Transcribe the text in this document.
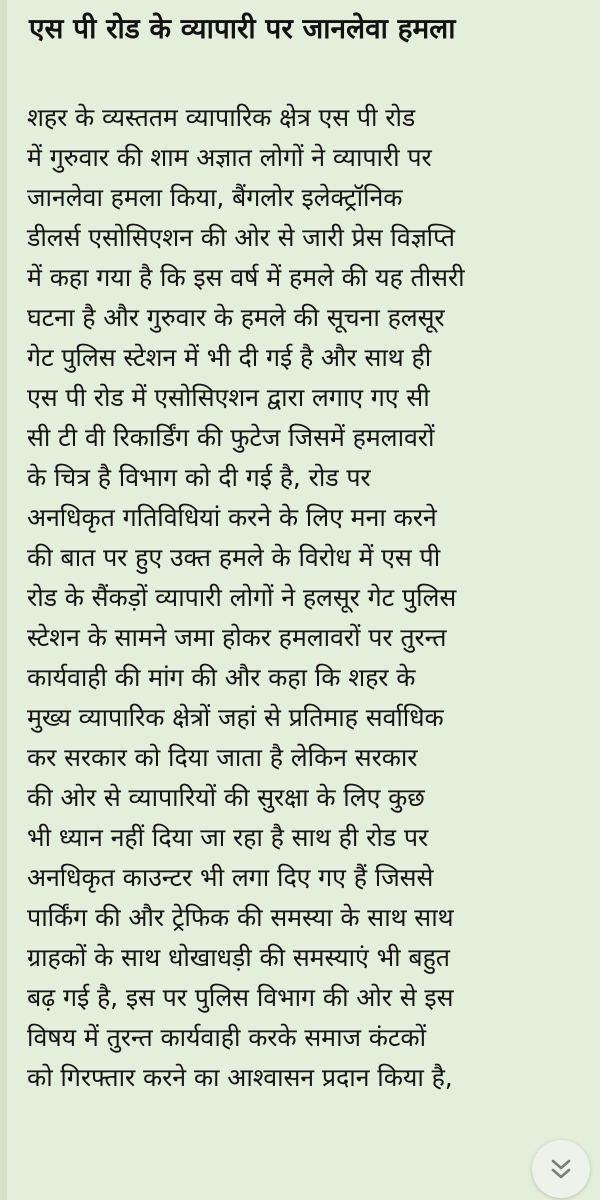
एस पी रोड के व्यापारी पर जानलेवा हमला

शहर के व्यस्ततम व्यापारिक क्षेत्र एस पी रोड

में गुरुवार की शाम अज्ञात लोगों ने व्यापारी पर

जानलेवा हमला किया, बैंगलोर इलेक्ट्रॉनिक

डीलर्स एसोसिएशन की ओर से जारी प्रेस विज्ञप्ति

में कहा गया है कि इस वर्ष में हमले की यह तीसरी

घटना है और गुरुवार के हमले की सूचना हलसूर

गेट पुलिस स्टेशन में भी दी गई है और साथ ही

एस पी रोड में एसोसिएशन द्वारा लगाए गए सी

सी टी वी रिकार्डिंग की फुटेज जिसमें हमलावरों

के चित्र है विभाग को दी गई है, रोड पर

अनधिकृत गतिविधियां करने के लिए मना करने

की बात पर हुए उक्त हमले के विरोध में एस पी

रोड के सैंकड़ों व्यापारी लोगों ने हलसूर गेट पुलिस

स्टेशन के सामने जमा होकर हमलावरों पर तुरन्त

कार्यवाही की मांग की और कहा कि शहर के

मुख्य व्यापारिक क्षेत्रों जहां से प्रतिमाह सर्वाधिक

कर सरकार को दिया जाता है लेकिन सरकार

की ओर से व्यापारियों की सुरक्षा के लिए कुछ

भी ध्यान नहीं दिया जा रहा है साथ ही रोड पर

अनधिकृत काउन्टर भी लगा दिए गए हैं जिससे

पार्किंग की और ट्रेफिक की समस्या के साथ साथ

ग्राहकों के साथ धोखाधड़ी की समस्याएं भी बहुत

बढ़ गई है, इस पर पुलिस विभाग की ओर से इस

विषय में तुरन्त कार्यवाही करके समाज कंटकों

को गिरफ्तार करने का आश्वासन प्रदान किया है,
